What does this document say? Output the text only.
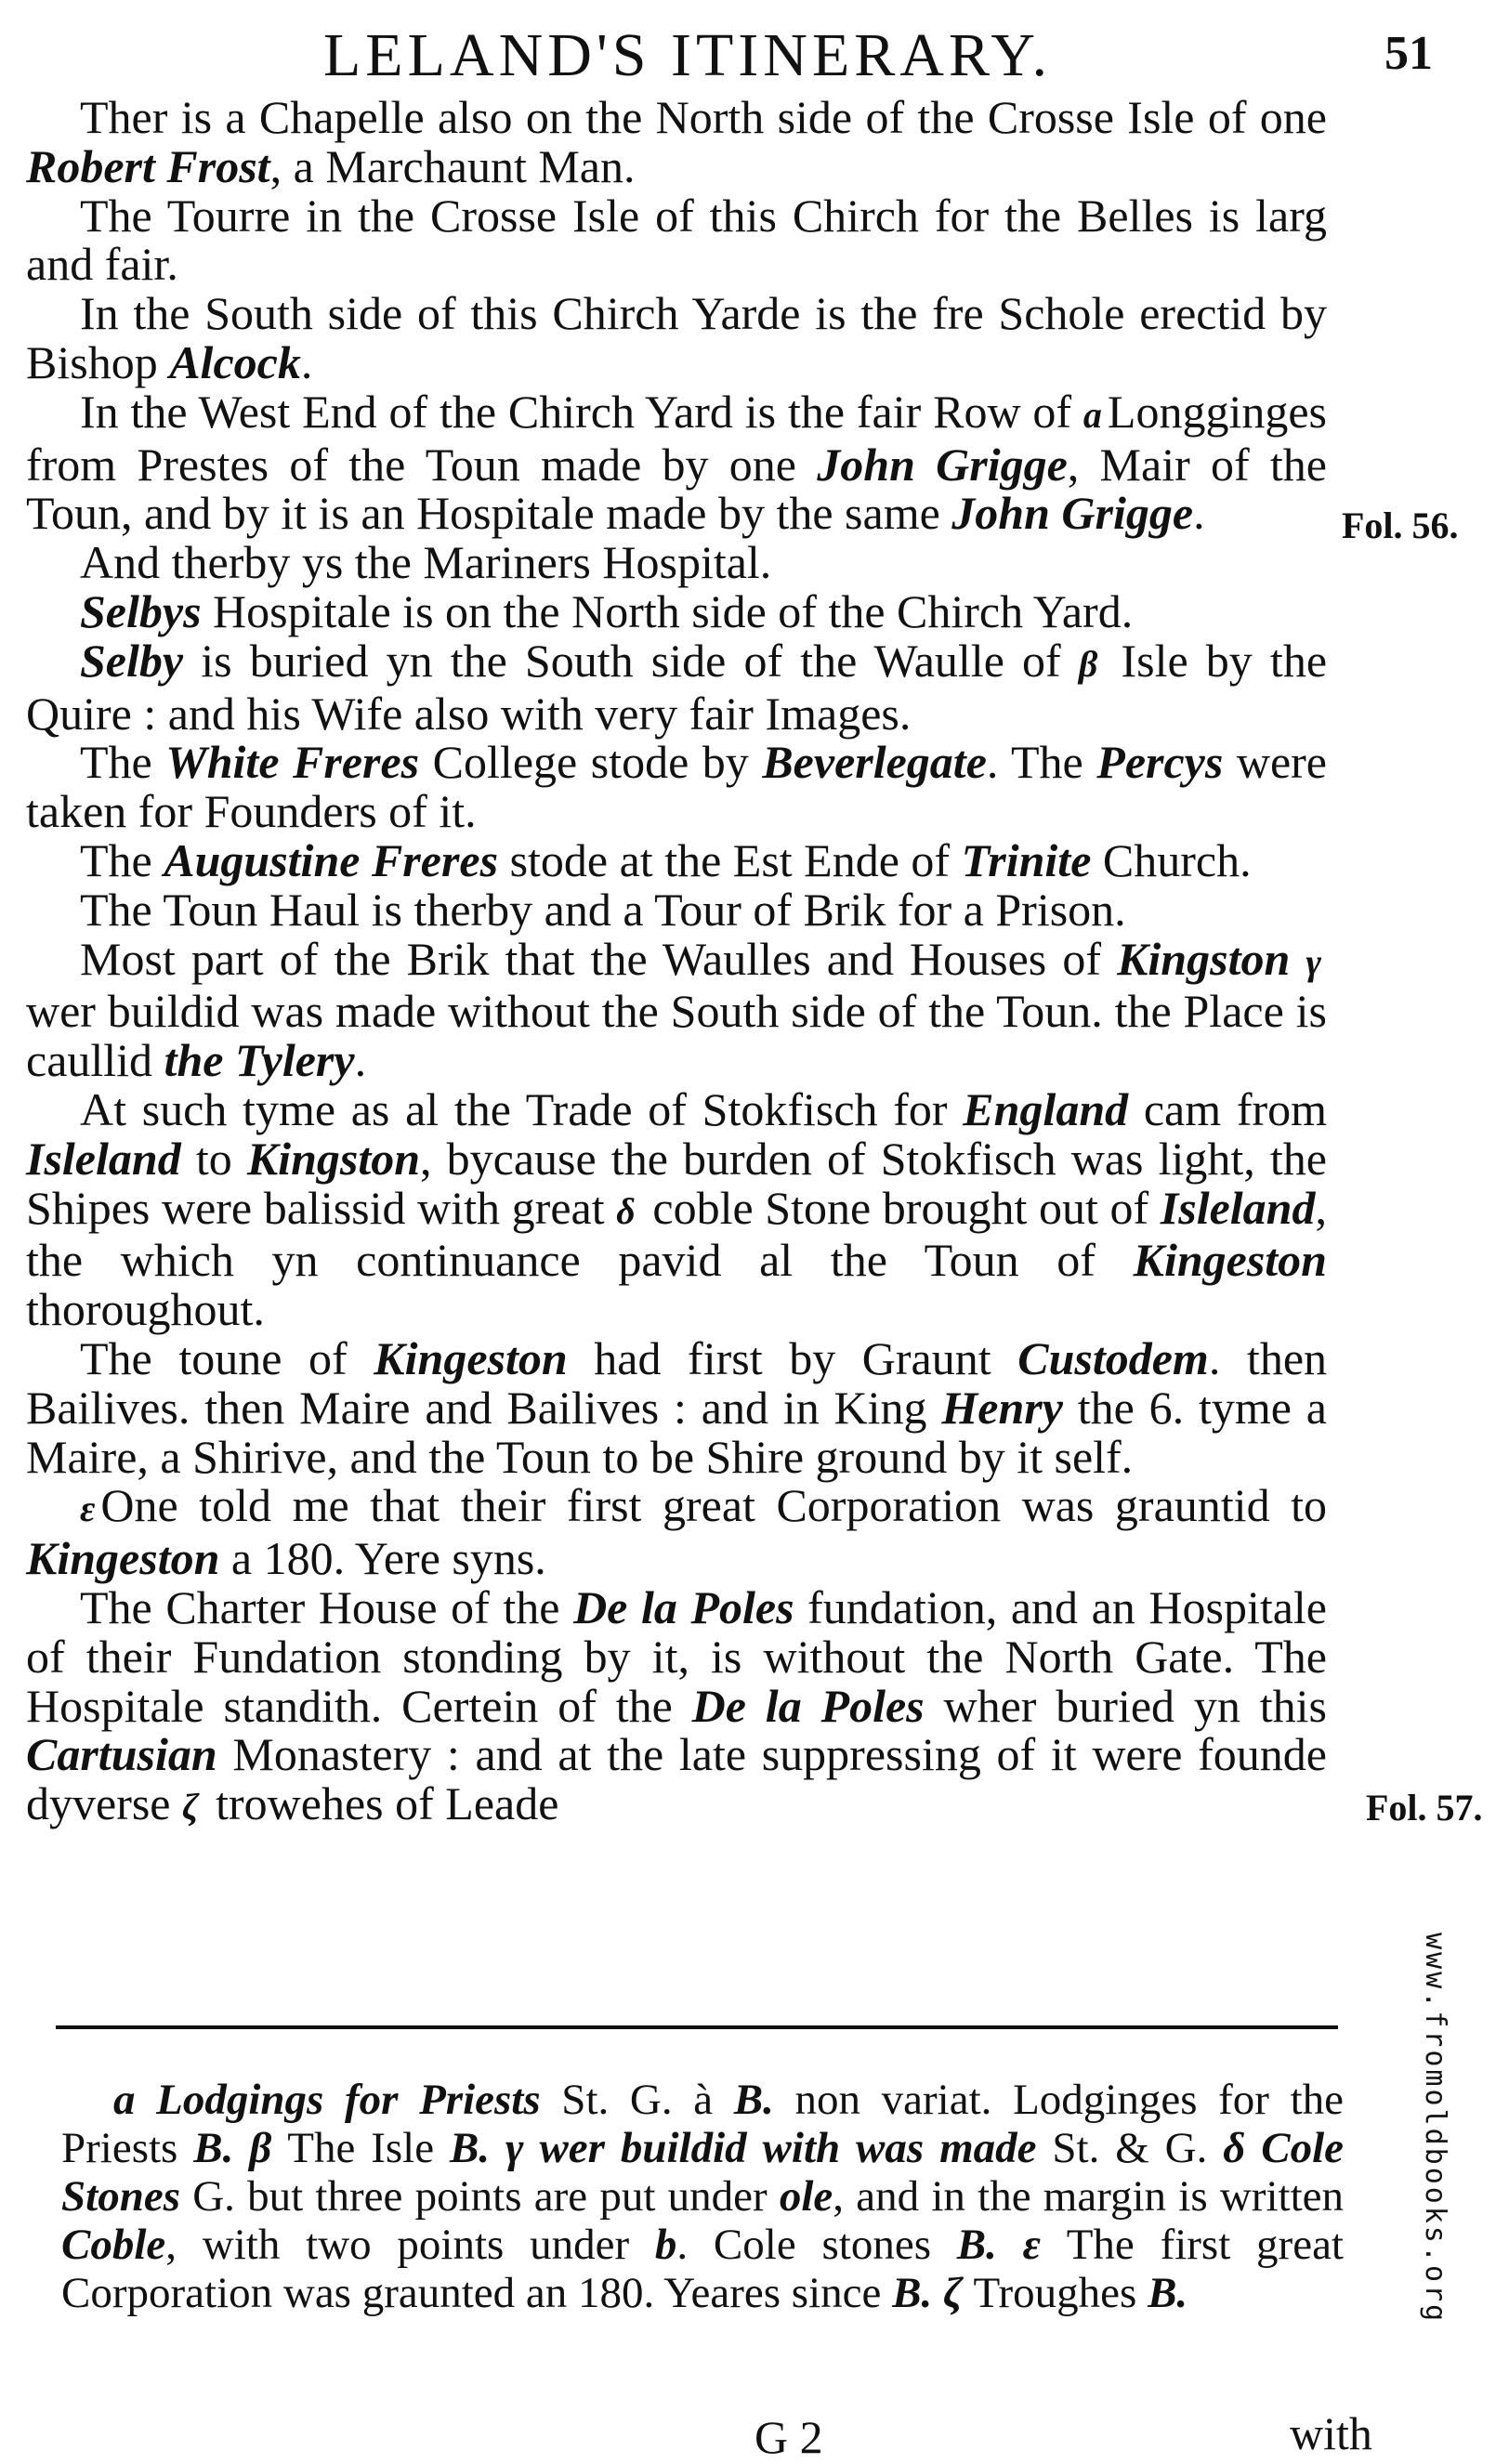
LELAND'S ITINERARY.	51

Ther is a Chapelle also on the North side of the Crosse Isle of one Robert Frost, a Marchaunt Man.

The Tourre in the Crosse Isle of this Chirch for the Belles is larg and fair.

In the South side of this Chirch Yarde is the fre Schole erectid by Bishop Alcock.

In the West End of the Chirch Yard is the fair Row of a Longginges from Prestes of the Toun made by one John Grigge, Mair of the Toun, and by it is an Hospitale made by the same John Grigge.

And therby ys the Mariners Hospital.

Selbys Hospitale is on the North side of the Chirch Yard.

Selby is buried yn the South side of the Waulle of β Isle by the Quire : and his Wife also with very fair Images.

The White Freres College stode by Beverlegate. The Percys were taken for Founders of it.

The Augustine Freres stode at the Est Ende of Trinite Church.

The Toun Haul is therby and a Tour of Brik for a Prison.

Most part of the Brik that the Waulles and Houses of Kingston γ wer buildid was made without the South side of the Toun. the Place is caullid the Tylery.

At such tyme as al the Trade of Stokfisch for England cam from Isleland to Kingston, bycause the burden of Stokfisch was light, the Shipes were balissid with great δ coble Stone brought out of Isleland, the which yn continuance pavid al the Toun of Kingeston thoroughout.

The toune of Kingeston had first by Graunt Custodem. then Bailives. then Maire and Bailives : and in King Henry the 6. tyme a Maire, a Shirive, and the Toun to be Shire ground by it self.

ε One told me that their first great Corporation was grauntid to Kingeston a 180. Yere syns.

The Charter House of the De la Poles fundation, and an Hospitale of their Fundation stonding by it, is without the North Gate. The Hospitale standith. Certein of the De la Poles wher buried yn this Cartusian Monastery : and at the late suppressing of it were founde dyverse ζ trowehes of Leade

Fol. 56.
Fol. 57.

a Lodgings for Priests St. G. à B. non variat. Lodginges for the Priests B. β The Isle B. γ wer buildid with was made St. & G. δ Cole Stones G. but three points are put under ole, and in the margin is written Coble, with two points under b. Cole stones B. ε The first great Corporation was graunted an 180. Yeares since B. ζ Troughes B.

G 2	with
www.fromoldbooks.org
